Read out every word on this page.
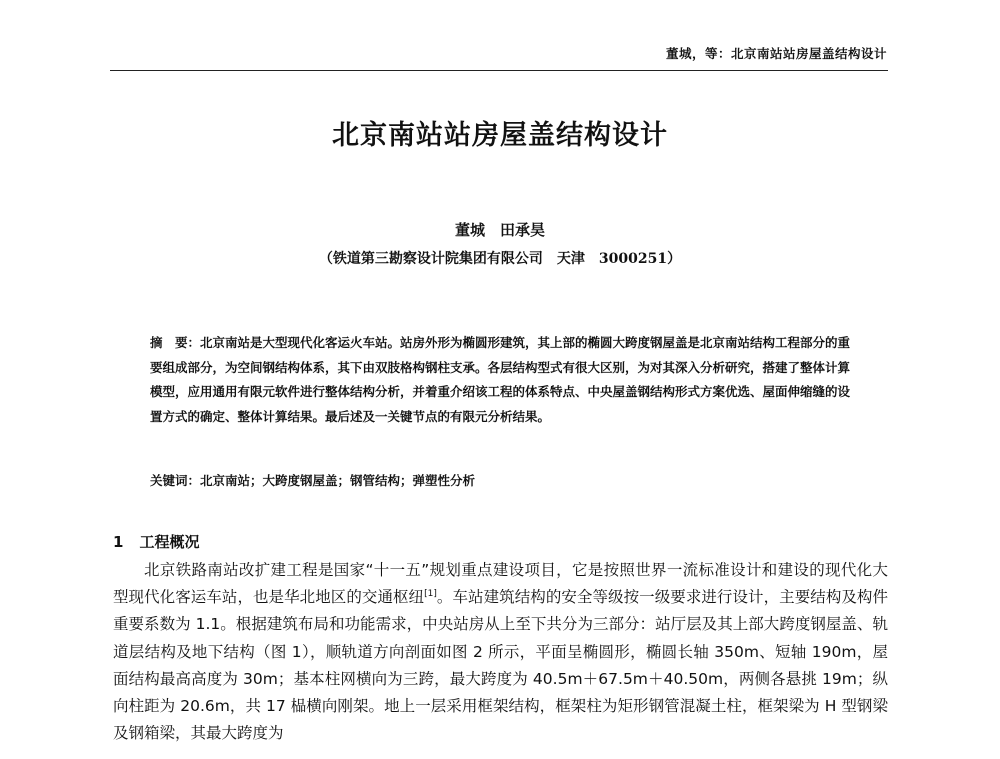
董城，等：北京南站站房屋盖结构设计
北京南站站房屋盖结构设计
董城　田承昊
（铁道第三勘察设计院集团有限公司　天津　3000251）
摘　要：北京南站是大型现代化客运火车站。站房外形为椭圆形建筑，其上部的椭圆大跨度钢屋盖是北京南站结构工程部分的重要组成部分，为空间钢结构体系，其下由双肢格构钢柱支承。各层结构型式有很大区别，为对其深入分析研究，搭建了整体计算模型，应用通用有限元软件进行整体结构分析，并着重介绍该工程的体系特点、中央屋盖钢结构形式方案优选、屋面伸缩缝的设置方式的确定、整体计算结果。最后述及一关键节点的有限元分析结果。
关键词：北京南站；大跨度钢屋盖；钢管结构；弹塑性分析
1 工程概况

北京铁路南站改扩建工程是国家“十一五”规划重点建设项目，它是按照世界一流标准设计和建设的现代化大型现代化客运车站，也是华北地区的交通枢纽[1]。车站建筑结构的安全等级按一级要求进行设计，主要结构及构件重要系数为 1.1。根据建筑布局和功能需求，中央站房从上至下共分为三部分：站厅层及其上部大跨度钢屋盖、轨道层结构及地下结构（图 1），顺轨道方向剖面如图 2 所示，平面呈椭圆形，椭圆长轴 350m、短轴 190m，屋面结构最高高度为 30m；基本柱网横向为三跨，最大跨度为 40.5m＋67.5m＋40.50m，两侧各悬挑 19m；纵向柱距为 20.6m，共 17 榀横向刚架。地上一层采用框架结构，框架柱为矩形钢管混凝土柱，框架梁为 H 型钢梁及钢箱梁，其最大跨度为
